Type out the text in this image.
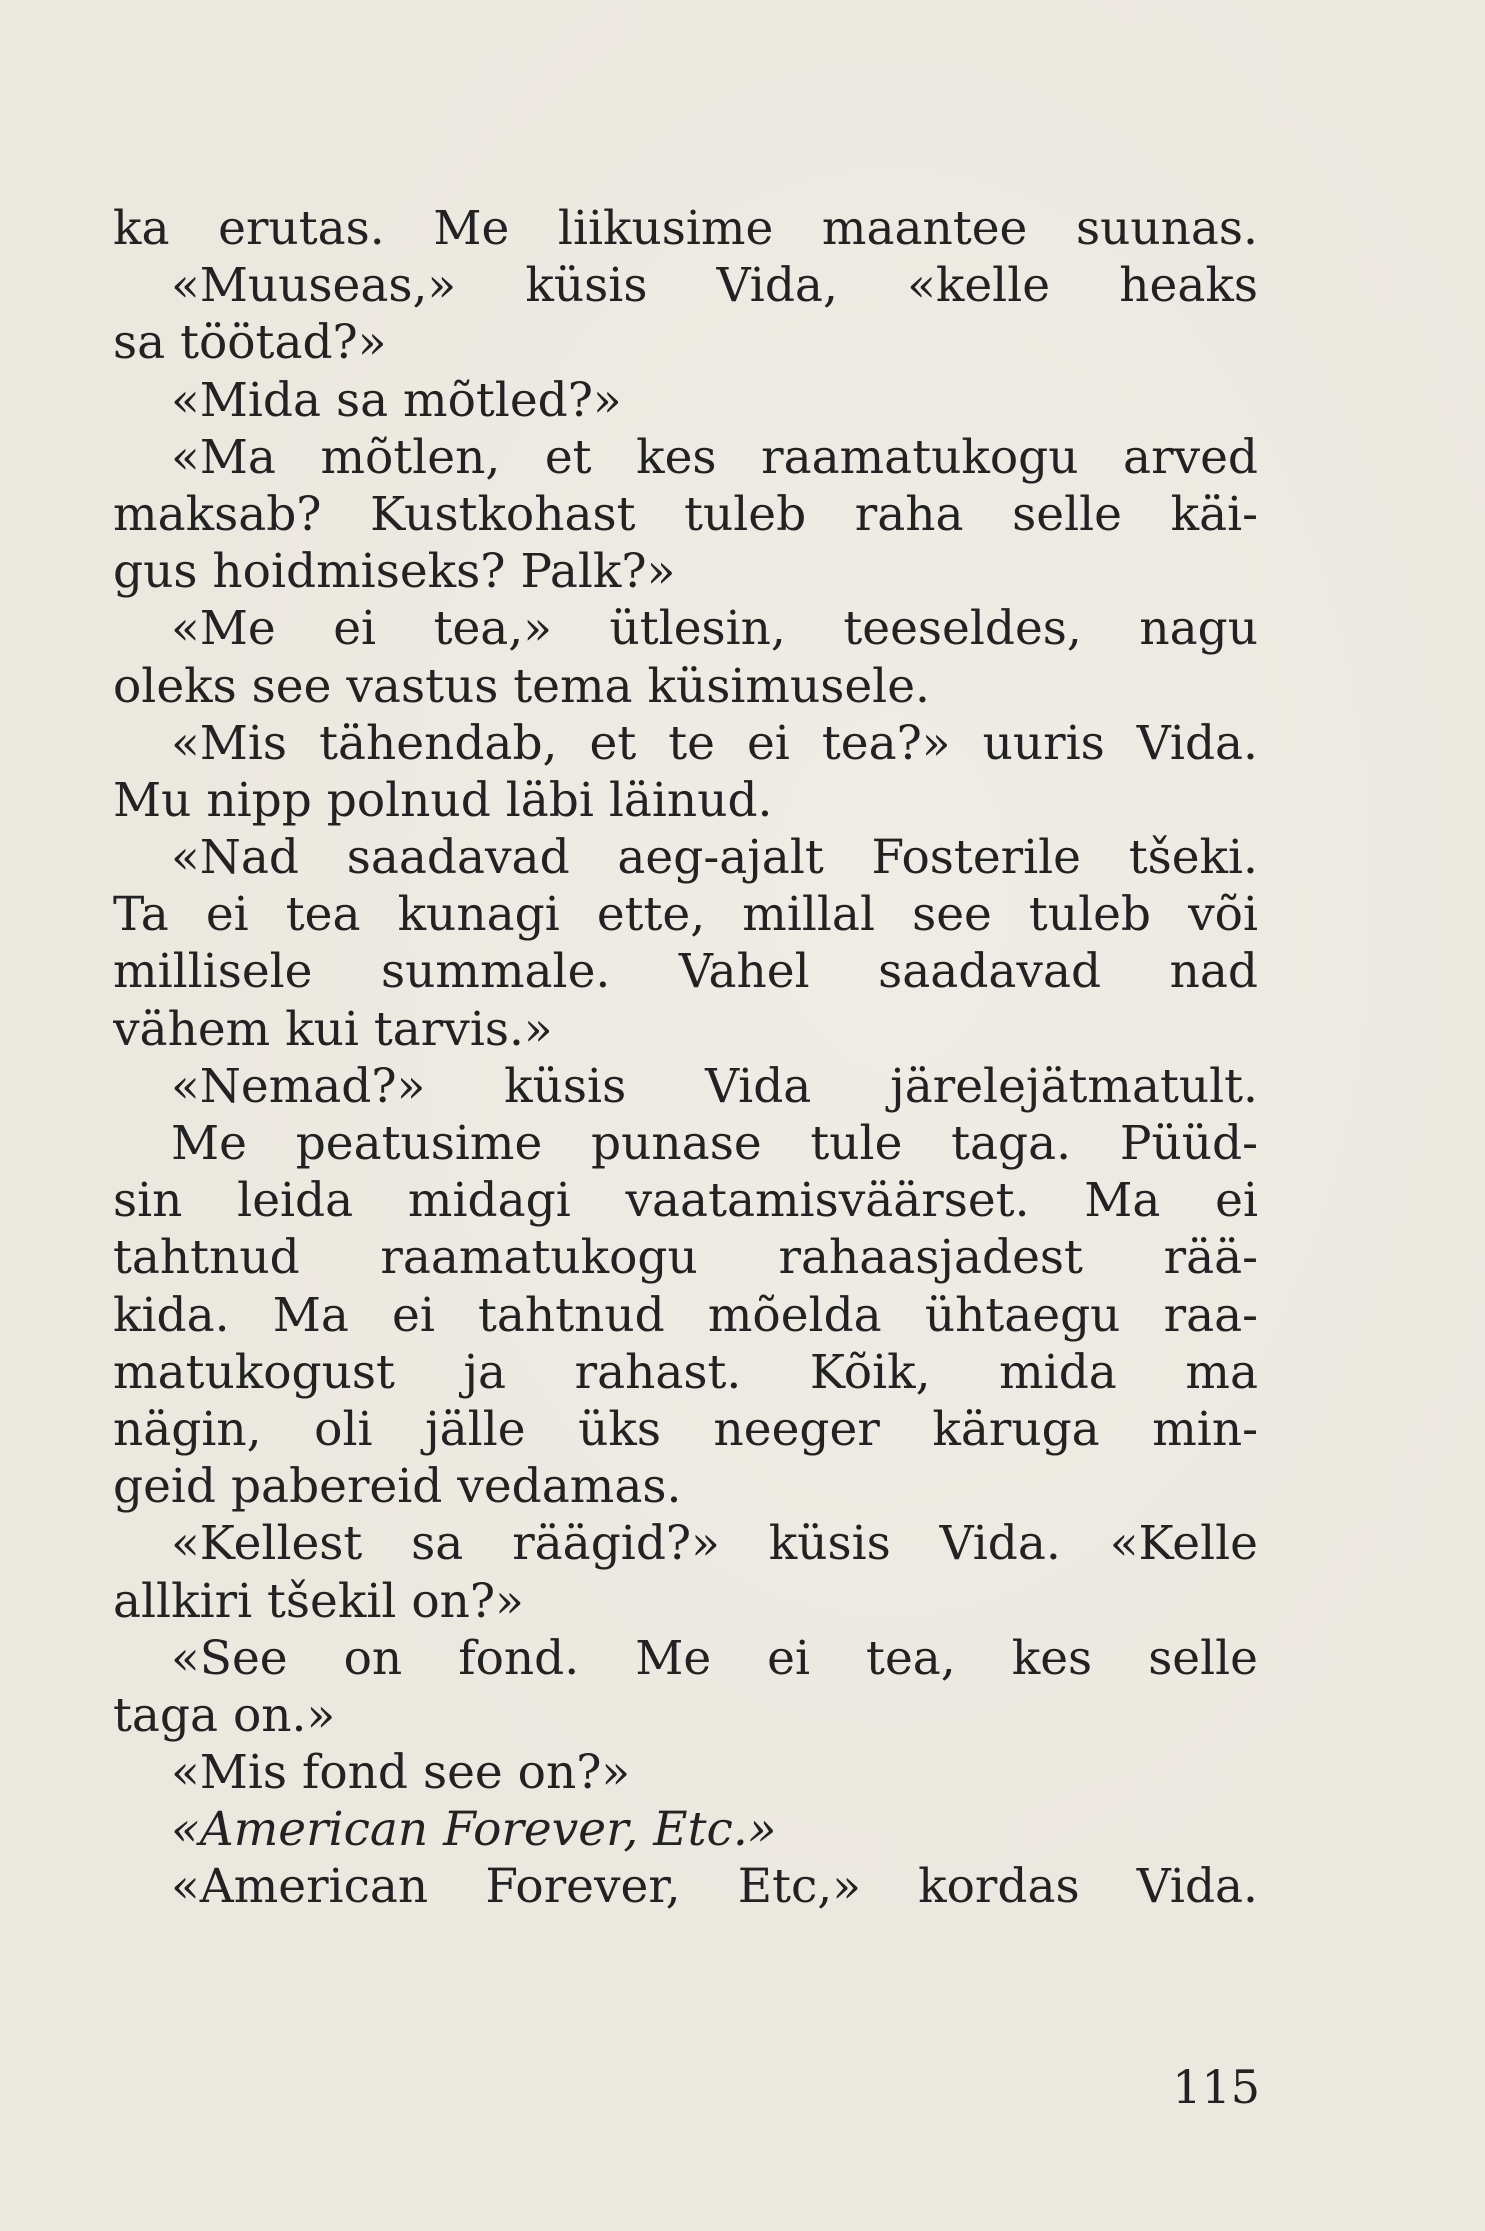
ka erutas. Me liikusime maantee suunas.
«Muuseas,» küsis Vida, «kelle heaks
sa töötad?»
«Mida sa mõtled?»
«Ma mõtlen, et kes raamatukogu arved
maksab? Kustkohast tuleb raha selle käi-
gus hoidmiseks? Palk?»
«Me ei tea,» ütlesin, teeseldes, nagu
oleks see vastus tema küsimusele.
«Mis tähendab, et te ei tea?» uuris Vida.
Mu nipp polnud läbi läinud.
«Nad saadavad aeg-ajalt Fosterile tšeki.
Ta ei tea kunagi ette, millal see tuleb või
millisele summale. Vahel saadavad nad
vähem kui tarvis.»
«Nemad?» küsis Vida järelejätmatult.
Me peatusime punase tule taga. Püüd-
sin leida midagi vaatamisväärset. Ma ei
tahtnud raamatukogu rahaasjadest rää-
kida. Ma ei tahtnud mõelda ühtaegu raa-
matukogust ja rahast. Kõik, mida ma
nägin, oli jälle üks neeger käruga min-
geid pabereid vedamas.
«Kellest sa räägid?» küsis Vida. «Kelle
allkiri tšekil on?»
«See on fond. Me ei tea, kes selle
taga on.»
«Mis fond see on?»
«American Forever, Etc.»
«American Forever, Etc,» kordas Vida.
115
